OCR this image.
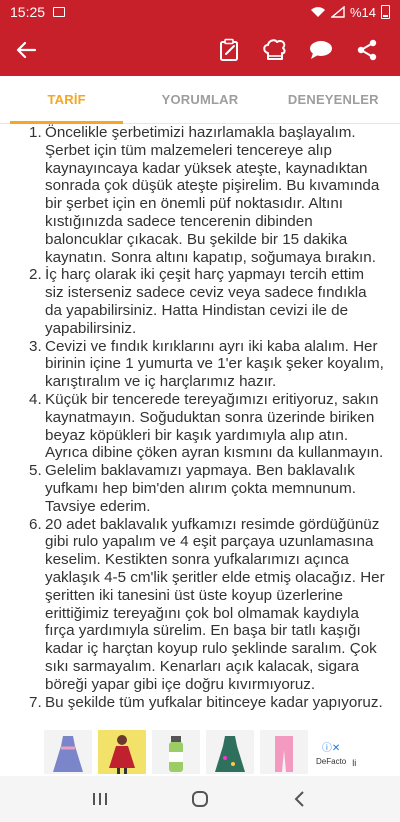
15:25	%14
TARİF	YORUMLAR	DENEYENLER
1. Öncelikle şerbetimizi hazırlamakla başlayalım. Şerbet için tüm malzemeleri tencereye alıp kaynayıncaya kadar yüksek ateşte, kaynadıktan sonrada çok düşük ateşte pişirelim. Bu kıvamında bir şerbet için en önemli püf noktasıdır. Altını kıstığınızda sadece tencerenin dibinden baloncuklar çıkacak. Bu şekilde bir 15 dakika kaynatın. Sonra altını kapatıp, soğumaya bırakın.
2. İç harç olarak iki çeşit harç yapmayı tercih ettim siz isterseniz sadece ceviz veya sadece fındıkla da yapabilirsiniz. Hatta Hindistan cevizi ile de yapabilirsiniz.
3. Cevizi ve fındık kırıklarını ayrı iki kaba alalım. Her birinin içine 1 yumurta ve 1'er kaşık şeker koyalım, karıştıralım ve iç harçlarımız hazır.
4. Küçük bir tencerede tereyağımızı eritiyoruz, sakın kaynatmayın. Soğuduktan sonra üzerinde biriken beyaz köpükleri bir kaşık yardımıyla alıp atın. Ayrıca dibine çöken ayran kısmını da kullanmayın.
5. Gelelim baklavamızı yapmaya. Ben baklavalık yufkamı hep bim'den alırım çokta memnunum. Tavsiye ederim.
6. 20 adet baklavalık yufkamızı resimde gördüğünüz gibi rulo yapalım ve 4 eşit parçaya uzunlamasına keselim. Kestikten sonra yufkalarımızı açınca yaklaşık 4-5 cm'lik şeritler elde etmiş olacağız. Her şeritten iki tanesini üst üste koyup üzerlerine erittiğimiz tereyağını çok bol olmamak kaydıyla fırça yardımıyla sürelim. En başa bir tatlı kaşığı kadar iç harçtan koyup rulo şeklinde saralım. Çok sıkı sarmayalım. Kenarları açık kalacak, sigara böreği yapar gibi içe doğru kıvırmıyoruz.
7. Bu şekilde tüm yufkalar bitinceye kadar yapıyoruz.
ⓘ✕
DeFacto li
